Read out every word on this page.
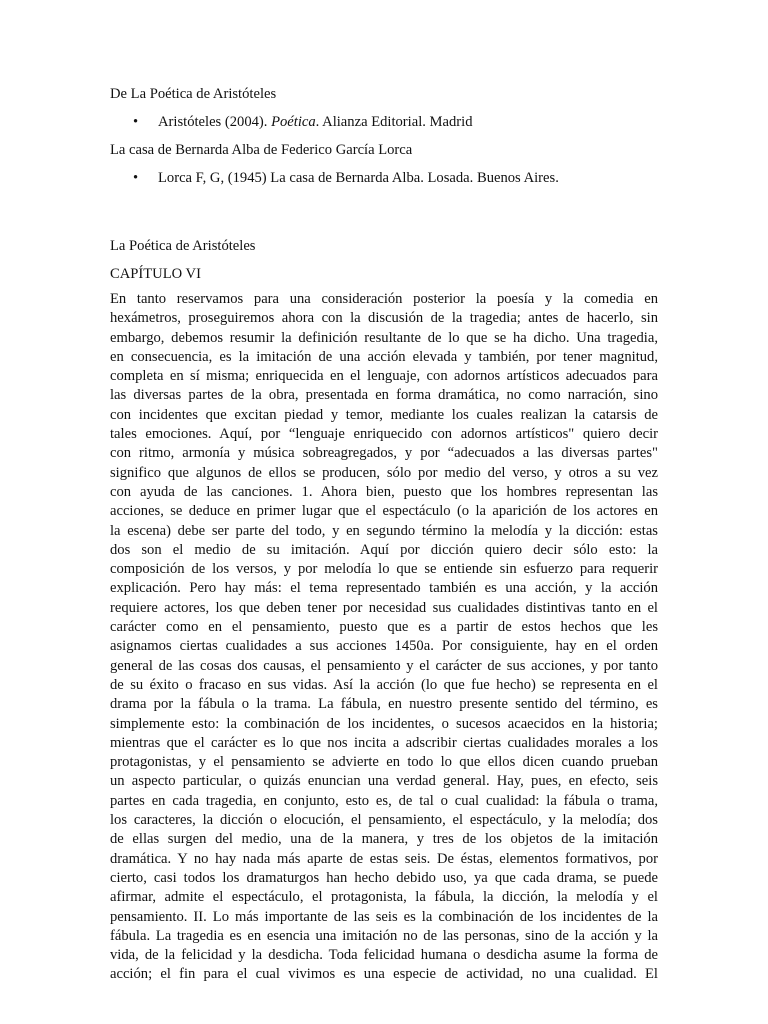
De La Poética de Aristóteles

• Aristóteles (2004). Poética. Alianza Editorial. Madrid

La casa de Bernarda Alba de Federico García Lorca

• Lorca F, G, (1945) La casa de Bernarda Alba. Losada. Buenos Aires.

La Poética de Aristóteles

CAPÍTULO VI

En tanto reservamos para una consideración posterior la poesía y la comedia en
hexámetros, proseguiremos ahora con la discusión de la tragedia; antes de hacerlo, sin
embargo, debemos resumir la definición resultante de lo que se ha dicho. Una tragedia,
en consecuencia, es la imitación de una acción elevada y también, por tener magnitud,
completa en sí misma; enriquecida en el lenguaje, con adornos artísticos adecuados para
las diversas partes de la obra, presentada en forma dramática, no como narración, sino
con incidentes que excitan piedad y temor, mediante los cuales realizan la catarsis de
tales emociones. Aquí, por “lenguaje enriquecido con adornos artísticos" quiero decir
con ritmo, armonía y música sobreagregados, y por “adecuados a las diversas partes"
significo que algunos de ellos se producen, sólo por medio del verso, y otros a su vez
con ayuda de las canciones. 1. Ahora bien, puesto que los hombres representan las
acciones, se deduce en primer lugar que el espectáculo (o la aparición de los actores en
la escena) debe ser parte del todo, y en segundo término la melodía y la dicción: estas
dos son el medio de su imitación. Aquí por dicción quiero decir sólo esto: la
composición de los versos, y por melodía lo que se entiende sin esfuerzo para requerir
explicación. Pero hay más: el tema representado también es una acción, y la acción
requiere actores, los que deben tener por necesidad sus cualidades distintivas tanto en el
carácter como en el pensamiento, puesto que es a partir de estos hechos que les
asignamos ciertas cualidades a sus acciones 1450a. Por consiguiente, hay en el orden
general de las cosas dos causas, el pensamiento y el carácter de sus acciones, y por tanto
de su éxito o fracaso en sus vidas. Así la acción (lo que fue hecho) se representa en el
drama por la fábula o la trama. La fábula, en nuestro presente sentido del término, es
simplemente esto: la combinación de los incidentes, o sucesos acaecidos en la historia;
mientras que el carácter es lo que nos incita a adscribir ciertas cualidades morales a los
protagonistas, y el pensamiento se advierte en todo lo que ellos dicen cuando prueban
un aspecto particular, o quizás enuncian una verdad general. Hay, pues, en efecto, seis
partes en cada tragedia, en conjunto, esto es, de tal o cual cualidad: la fábula o trama,
los caracteres, la dicción o elocución, el pensamiento, el espectáculo, y la melodía; dos
de ellas surgen del medio, una de la manera, y tres de los objetos de la imitación
dramática. Y no hay nada más aparte de estas seis. De éstas, elementos formativos, por
cierto, casi todos los dramaturgos han hecho debido uso, ya que cada drama, se puede
afirmar, admite el espectáculo, el protagonista, la fábula, la dicción, la melodía y el
pensamiento. II. Lo más importante de las seis es la combinación de los incidentes de la
fábula. La tragedia es en esencia una imitación no de las personas, sino de la acción y la
vida, de la felicidad y la desdicha. Toda felicidad humana o desdicha asume la forma de
acción; el fin para el cual vivimos es una especie de actividad, no una cualidad. El
